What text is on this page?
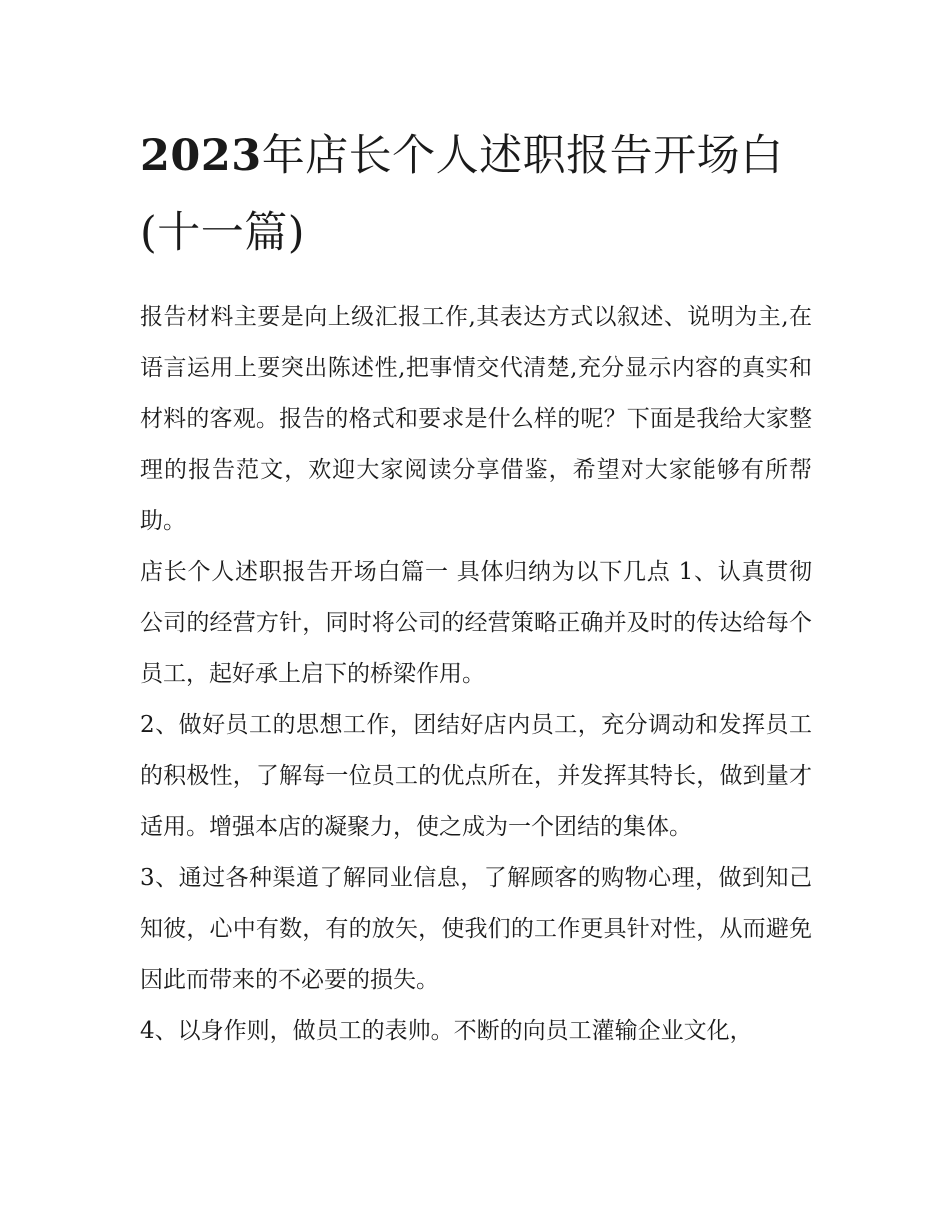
2023年店长个人述职报告开场白(十一篇)

报告材料主要是向上级汇报工作,其表达方式以叙述、说明为主,在语言运用上要突出陈述性,把事情交代清楚,充分显示内容的真实和材料的客观。报告的格式和要求是什么样的呢？下面是我给大家整理的报告范文，欢迎大家阅读分享借鉴，希望对大家能够有所帮助。

店长个人述职报告开场白篇一 具体归纳为以下几点 1、认真贯彻公司的经营方针，同时将公司的经营策略正确并及时的传达给每个员工，起好承上启下的桥梁作用。

2、做好员工的思想工作，团结好店内员工，充分调动和发挥员工的积极性，了解每一位员工的优点所在，并发挥其特长，做到量才适用。增强本店的凝聚力，使之成为一个团结的集体。

3、通过各种渠道了解同业信息，了解顾客的购物心理，做到知己知彼，心中有数，有的放矢，使我们的工作更具针对性，从而避免因此而带来的不必要的损失。

4、以身作则，做员工的表帅。不断的向员工灌输企业文化，
